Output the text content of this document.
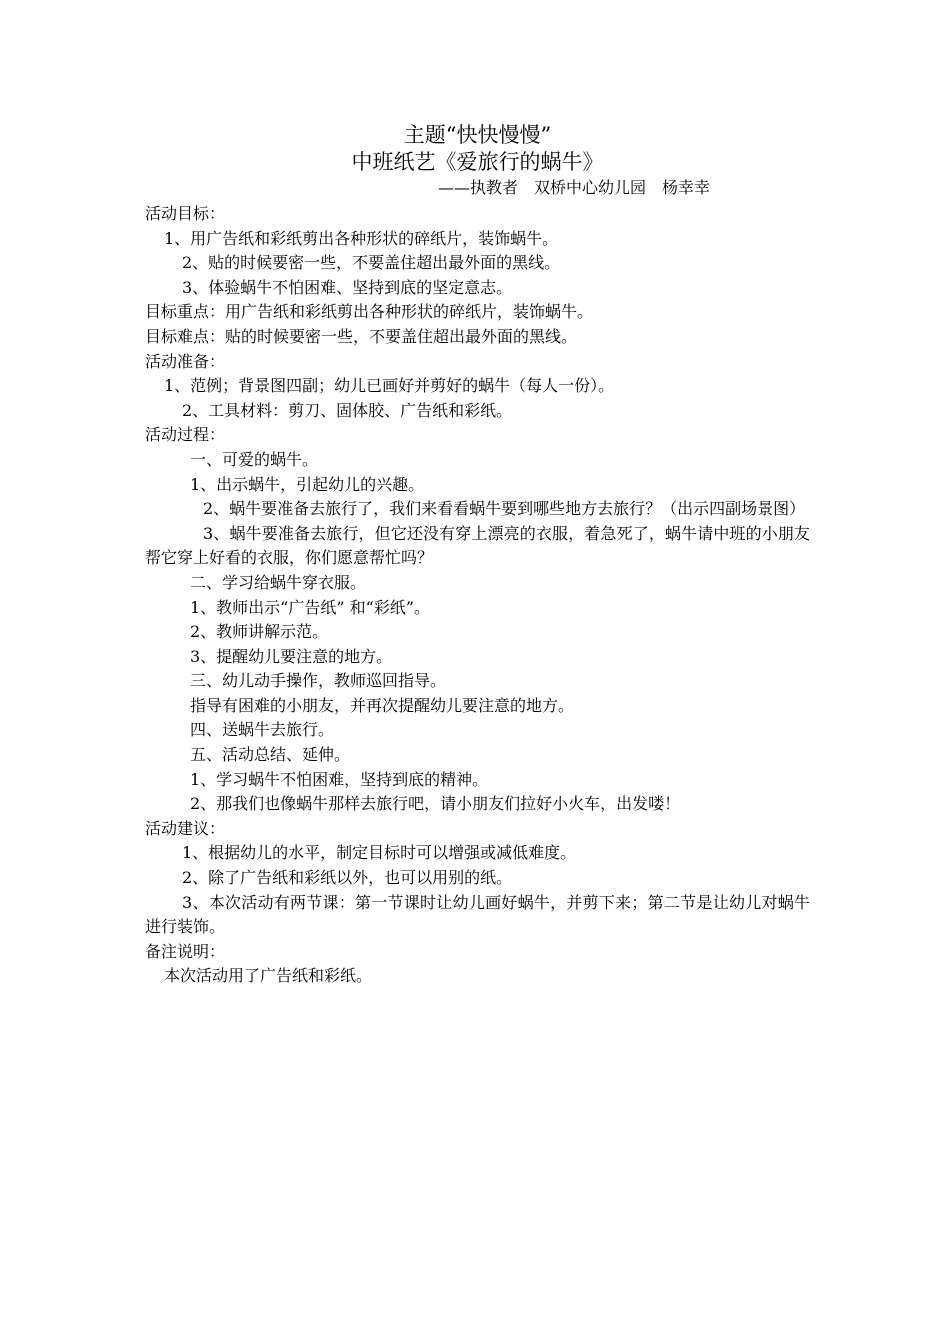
主题“快快慢慢”

中班纸艺《爱旅行的蜗牛》

——执教者　双桥中心幼儿园　杨幸幸

活动目标：

1、用广告纸和彩纸剪出各种形状的碎纸片，装饰蜗牛。

2、贴的时候要密一些，不要盖住超出最外面的黑线。

3、体验蜗牛不怕困难、坚持到底的坚定意志。

目标重点：用广告纸和彩纸剪出各种形状的碎纸片，装饰蜗牛。

目标难点：贴的时候要密一些，不要盖住超出最外面的黑线。

活动准备：

1、范例；背景图四副；幼儿已画好并剪好的蜗牛（每人一份）。

2、工具材料：剪刀、固体胶、广告纸和彩纸。

活动过程：

一、可爱的蜗牛。

1、出示蜗牛，引起幼儿的兴趣。

2、蜗牛要准备去旅行了，我们来看看蜗牛要到哪些地方去旅行？（出示四副场景图）

3、蜗牛要准备去旅行，但它还没有穿上漂亮的衣服，着急死了，蜗牛请中班的小朋友帮它穿上好看的衣服，你们愿意帮忙吗？

二、学习给蜗牛穿衣服。

1、教师出示“广告纸” 和“彩纸”。

2、教师讲解示范。

3、提醒幼儿要注意的地方。

三、幼儿动手操作，教师巡回指导。

指导有困难的小朋友，并再次提醒幼儿要注意的地方。

四、送蜗牛去旅行。

五、活动总结、延伸。

1、学习蜗牛不怕困难，坚持到底的精神。

2、那我们也像蜗牛那样去旅行吧，请小朋友们拉好小火车，出发喽！

活动建议：

1、根据幼儿的水平，制定目标时可以增强或减低难度。

2、除了广告纸和彩纸以外，也可以用别的纸。

3、本次活动有两节课：第一节课时让幼儿画好蜗牛，并剪下来；第二节是让幼儿对蜗牛进行装饰。

备注说明：

本次活动用了广告纸和彩纸。
